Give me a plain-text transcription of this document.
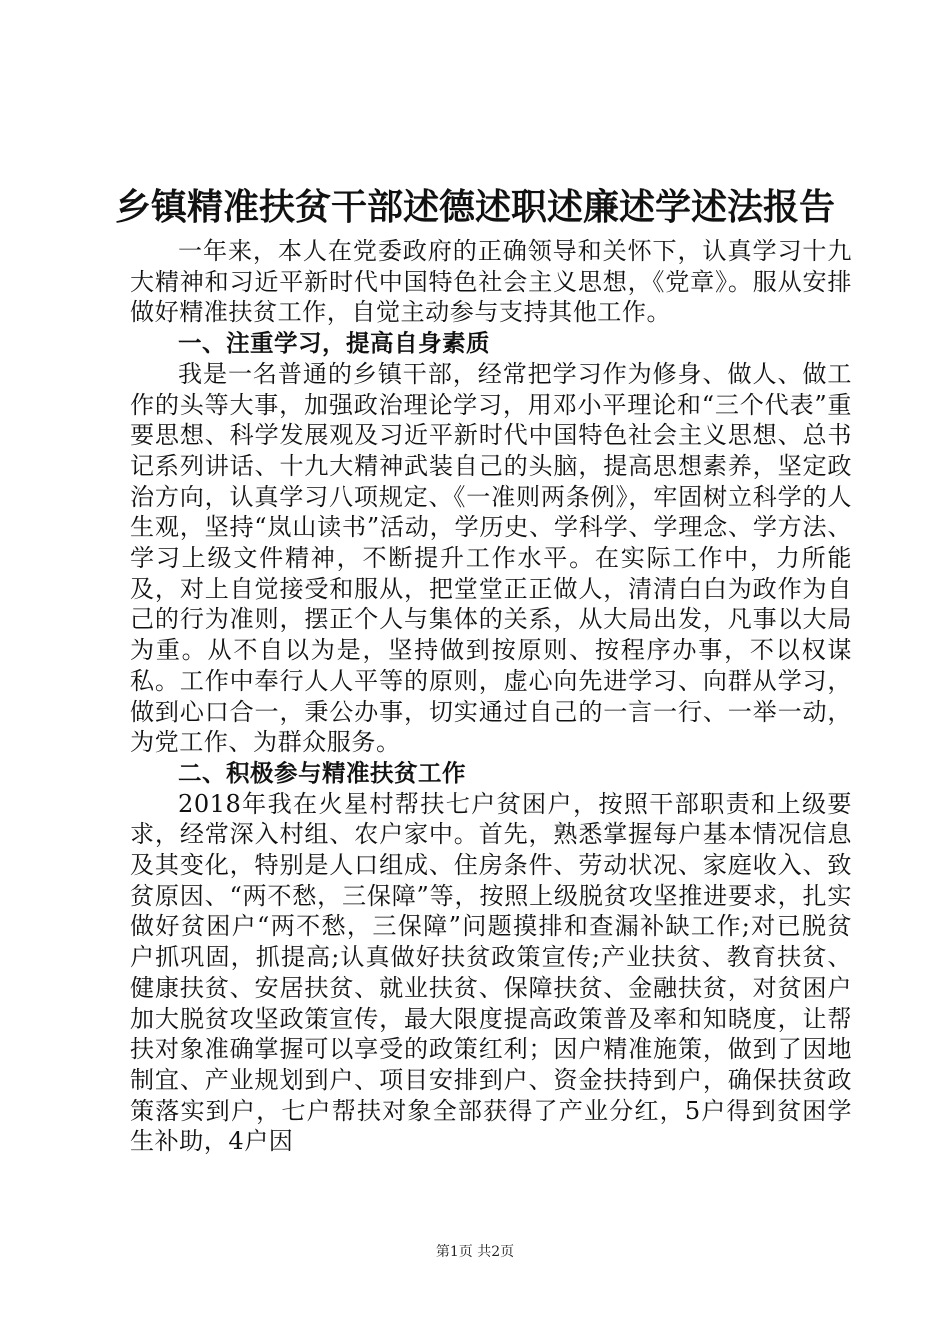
乡镇精准扶贫干部述德述职述廉述学述法报告

一年来，本人在党委政府的正确领导和关怀下，认真学习十九大精神和习近平新时代中国特色社会主义思想，《党章》。服从安排做好精准扶贫工作，自觉主动参与支持其他工作。

一、注重学习，提高自身素质

我是一名普通的乡镇干部，经常把学习作为修身、做人、做工作的头等大事，加强政治理论学习，用邓小平理论和“三个代表”重要思想、科学发展观及习近平新时代中国特色社会主义思想、总书记系列讲话、十九大精神武装自己的头脑，提高思想素养，坚定政治方向，认真学习八项规定、《一准则两条例》，牢固树立科学的人生观，坚持“岚山读书”活动，学历史、学科学、学理念、学方法、学习上级文件精神，不断提升工作水平。在实际工作中，力所能及，对上自觉接受和服从，把堂堂正正做人，清清白白为政作为自己的行为准则，摆正个人与集体的关系，从大局出发，凡事以大局为重。从不自以为是，坚持做到按原则、按程序办事，不以权谋私。工作中奉行人人平等的原则，虚心向先进学习、向群从学习，做到心口合一，秉公办事，切实通过自己的一言一行、一举一动，为党工作、为群众服务。

二、积极参与精准扶贫工作

2018年我在火星村帮扶七户贫困户，按照干部职责和上级要求，经常深入村组、农户家中。首先，熟悉掌握每户基本情况信息及其变化，特别是人口组成、住房条件、劳动状况、家庭收入、致贫原因、“两不愁，三保障”等，按照上级脱贫攻坚推进要求，扎实做好贫困户“两不愁，三保障”问题摸排和查漏补缺工作;对已脱贫户抓巩固，抓提高;认真做好扶贫政策宣传;产业扶贫、教育扶贫、健康扶贫、安居扶贫、就业扶贫、保障扶贫、金融扶贫，对贫困户加大脱贫攻坚政策宣传，最大限度提高政策普及率和知晓度，让帮扶对象准确掌握可以享受的政策红利；因户精准施策，做到了因地制宜、产业规划到户、项目安排到户、资金扶持到户，确保扶贫政策落实到户，七户帮扶对象全部获得了产业分红，5户得到贫困学生补助，4户因

第1页 共2页
